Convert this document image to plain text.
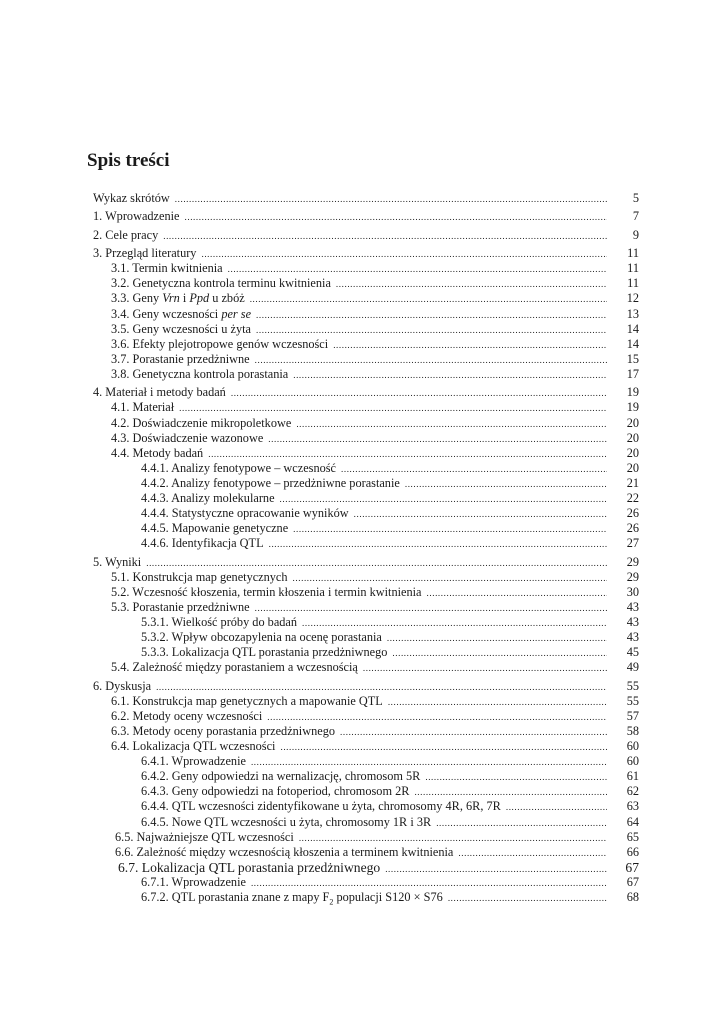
Spis treści
Wykaz skrótów .....	5
1. Wprowadzenie .....	7
2. Cele pracy .....	9
3. Przegląd literatury .....	11
3.1. Termin kwitnienia .....	11
3.2. Genetyczna kontrola terminu kwitnienia .....	11
3.3. Geny Vrn i Ppd u zbóż .....	12
3.4. Geny wczesności per se .....	13
3.5. Geny wczesności u żyta .....	14
3.6. Efekty plejotropowe genów wczesności .....	14
3.7. Porastanie przedżniwne .....	15
3.8. Genetyczna kontrola porastania .....	17
4. Materiał i metody badań .....	19
4.1. Materiał .....	19
4.2. Doświadczenie mikropoletkowe .....	20
4.3. Doświadczenie wazonowe .....	20
4.4. Metody badań .....	20
4.4.1. Analizy fenotypowe – wczesność .....	20
4.4.2. Analizy fenotypowe – przedżniwne porastanie .....	21
4.4.3. Analizy molekularne .....	22
4.4.4. Statystyczne opracowanie wyników .....	26
4.4.5. Mapowanie genetyczne .....	26
4.4.6. Identyfikacja QTL .....	27
5. Wyniki .....	29
5.1. Konstrukcja map genetycznych .....	29
5.2. Wczesność kłoszenia, termin kłoszenia i termin kwitnienia .....	30
5.3. Porastanie przedżniwne .....	43
5.3.1. Wielkość próby do badań .....	43
5.3.2. Wpływ obcozapylenia na ocenę porastania .....	43
5.3.3. Lokalizacja QTL porastania przedżniwnego .....	45
5.4. Zależność między porastaniem a wczesnością .....	49
6. Dyskusja .....	55
6.1. Konstrukcja map genetycznych a mapowanie QTL .....	55
6.2. Metody oceny wczesności .....	57
6.3. Metody oceny porastania przedżniwnego .....	58
6.4. Lokalizacja QTL wczesności .....	60
6.4.1. Wprowadzenie .....	60
6.4.2. Geny odpowiedzi na wernalizację, chromosom 5R .....	61
6.4.3. Geny odpowiedzi na fotoperiod, chromosom 2R .....	62
6.4.4. QTL wczesności zidentyfikowane u żyta, chromosomy 4R, 6R, 7R .....	63
6.4.5. Nowe QTL wczesności u żyta, chromosomy 1R i 3R .....	64
6.5. Najważniejsze QTL wczesności .....	65
6.6. Zależność między wczesnością kłoszenia a terminem kwitnienia .....	66
6.7. Lokalizacja QTL porastania przedżniwnego .....	67
6.7.1. Wprowadzenie .....	67
6.7.2. QTL porastania znane z mapy $F_2$ populacji S120 × S76 .....	68
